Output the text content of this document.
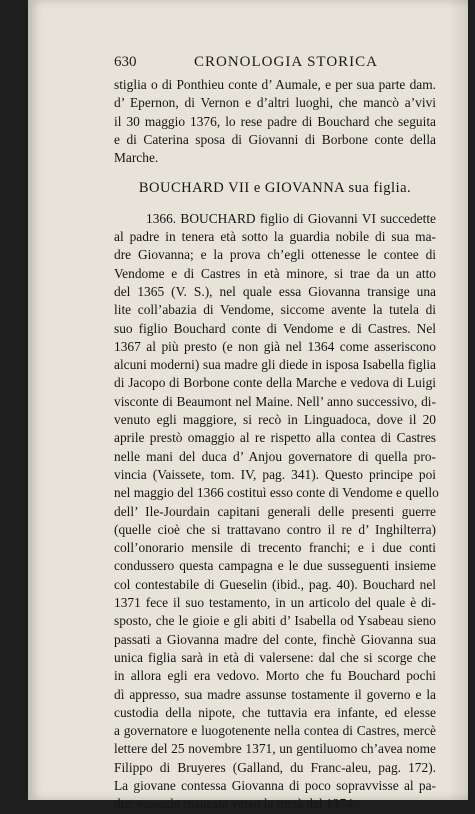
630	CRONOLOGIA STORICA
stiglia o di Ponthieu conte d’ Aumale, e per sua parte dam.
d’ Epernon, di Vernon e d’altri luoghi, che mancò a’vivi
il 30 maggio 1376, lo rese padre di Bouchard che seguita
e di Caterina sposa di Giovanni di Borbone conte della
Marche.
BOUCHARD VII e GIOVANNA sua figlia.
1366. BOUCHARD figlio di Giovanni VI succedette
al padre in tenera età sotto la guardia nobile di sua ma-
dre Giovanna; e la prova ch’egli ottenesse le contee di
Vendome e di Castres in età minore, si trae da un atto
del 1365 (V. S.), nel quale essa Giovanna transige una
lite coll’abazia di Vendome, siccome avente la tutela di
suo figlio Bouchard conte di Vendome e di Castres. Nel
1367 al più presto (e non già nel 1364 come asseriscono
alcuni moderni) sua madre gli diede in isposa Isabella figlia
di Jacopo di Borbone conte della Marche e vedova di Luigi
visconte di Beaumont nel Maine. Nell’ anno successivo, di-
venuto egli maggiore, si recò in Linguadoca, dove il 20
aprile prestò omaggio al re rispetto alla contea di Castres
nelle mani del duca d’ Anjou governatore di quella pro-
vincia (Vaissete, tom. IV, pag. 341). Questo principe poi
nel maggio del 1366 costituì esso conte di Vendome e quello
dell’ Ile-Jourdain capitani generali delle presenti guerre
(quelle cioè che si trattavano contro il re d’ Inghilterra)
coll’onorario mensile di trecento franchi; e i due conti
condussero questa campagna e le due susseguenti insieme
col contestabile di Gueselin (ibid., pag. 40). Bouchard nel
1371 fece il suo testamento, in un articolo del quale è di-
sposto, che le gioie e gli abiti d’ Isabella od Ysabeau sieno
passati a Giovanna madre del conte, finchè Giovanna sua
unica figlia sarà in età di valersene: dal che si scorge che
in allora egli era vedovo. Morto che fu Bouchard pochi
dì appresso, sua madre assunse tostamente il governo e la
custodia della nipote, che tuttavia era infante, ed elesse
a governatore e luogotenente nella contea di Castres, mercè
lettere del 25 novembre 1371, un gentiluomo ch’avea nome
Filippo di Bruyeres (Galland, du Franc-aleu, pag. 172).
La giovane contessa Giovanna di poco sopravvisse al pa-
dre, essendo mancata verso la metà del 1374.
